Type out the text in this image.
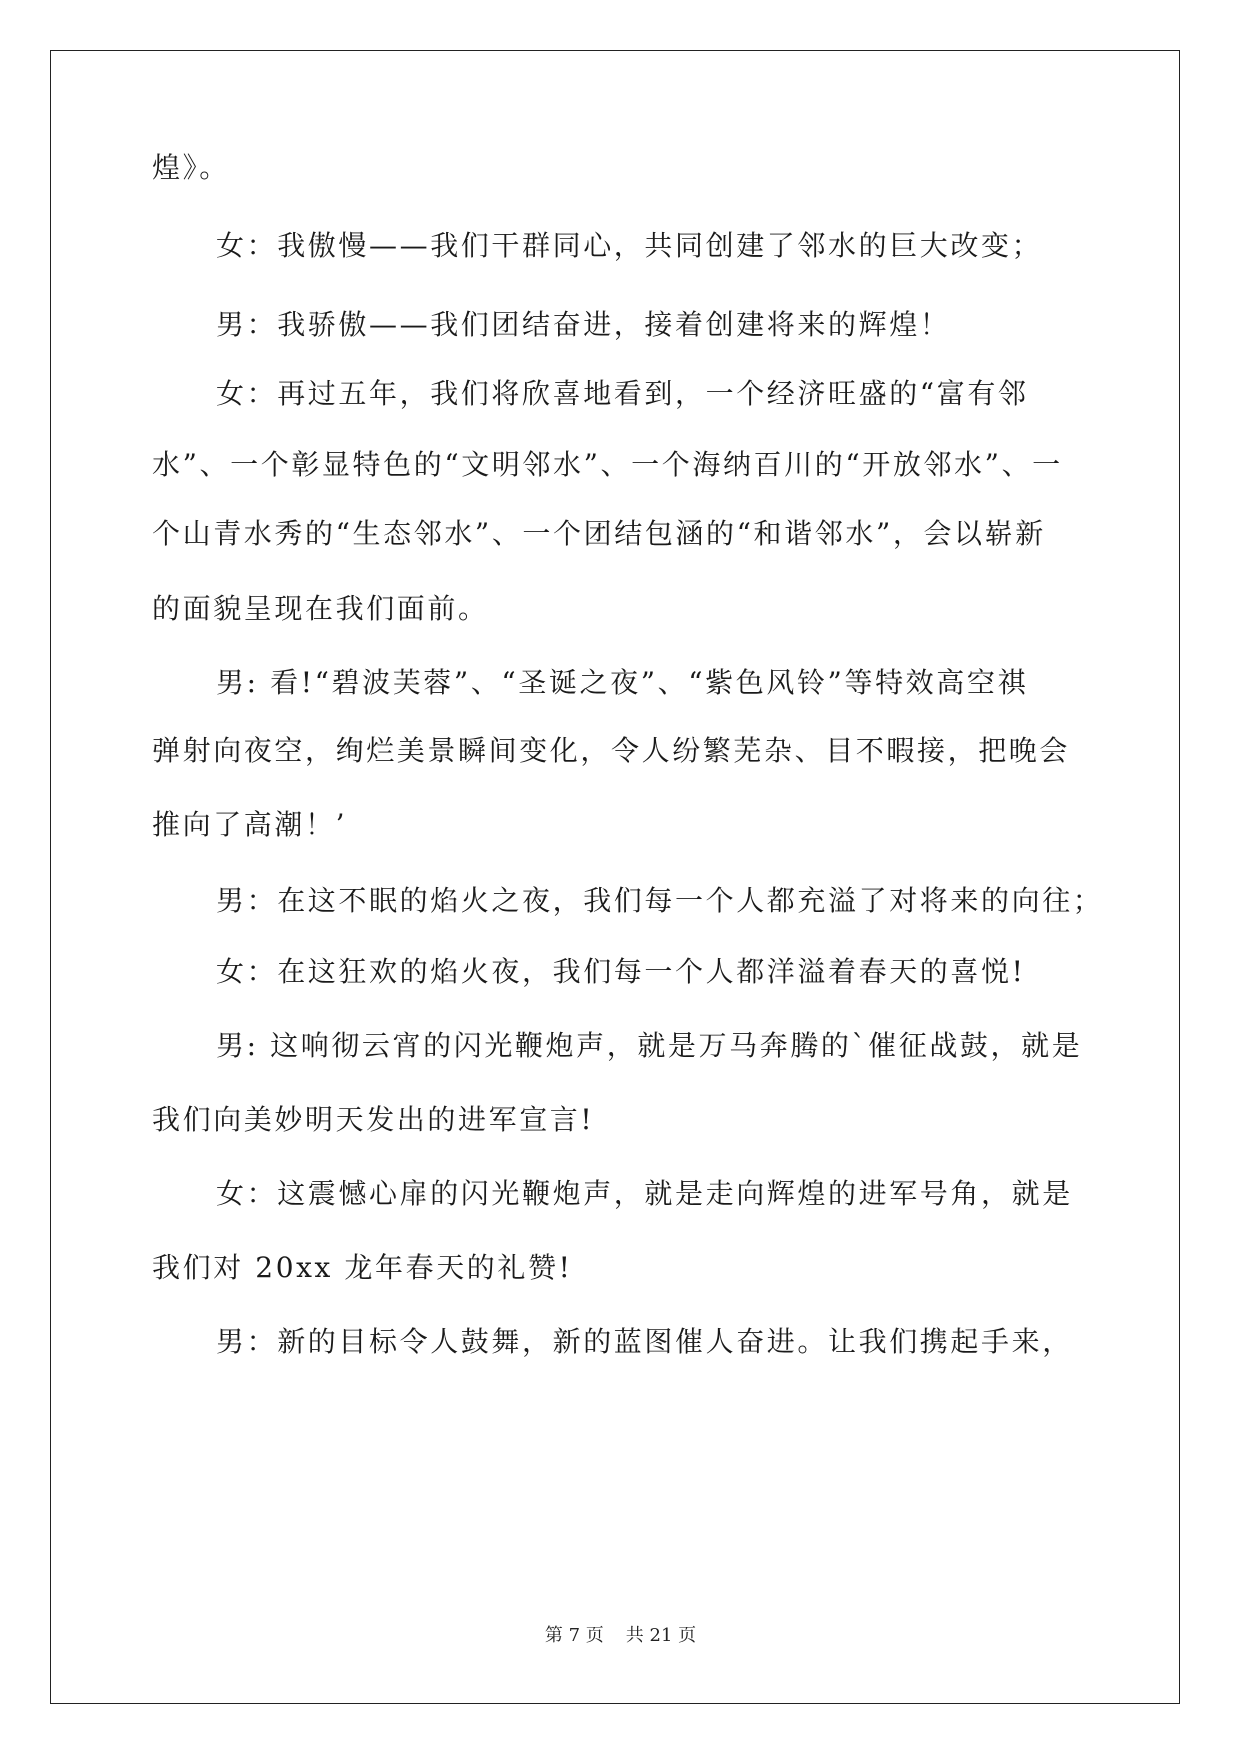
煌》。
女：我傲慢——我们干群同心，共同创建了邻水的巨大改变；
男：我骄傲——我们团结奋进，接着创建将来的辉煌！
女：再过五年，我们将欣喜地看到，一个经济旺盛的“富有邻
水”、一个彰显特色的“文明邻水”、一个海纳百川的“开放邻水”、一
个山青水秀的“生态邻水”、一个团结包涵的“和谐邻水”，会以崭新
的面貌呈现在我们面前。
男: 看!“碧波芙蓉”、“圣诞之夜”、“紫色风铃”等特效高空祺
弹射向夜空，绚烂美景瞬间变化，令人纷繁芜杂、目不暇接，把晚会
推向了高潮！’
男：在这不眠的焰火之夜，我们每一个人都充溢了对将来的向往；
女：在这狂欢的焰火夜，我们每一个人都洋溢着春天的喜悦!
男: 这响彻云宵的闪光鞭炮声，就是万马奔腾的`催征战鼓，就是
我们向美妙明天发出的进军宣言!
女：这震憾心扉的闪光鞭炮声，就是走向辉煌的进军号角，就是
我们对 20xx 龙年春天的礼赞!
男：新的目标令人鼓舞，新的蓝图催人奋进。让我们携起手来，
第 7 页 共 21 页
